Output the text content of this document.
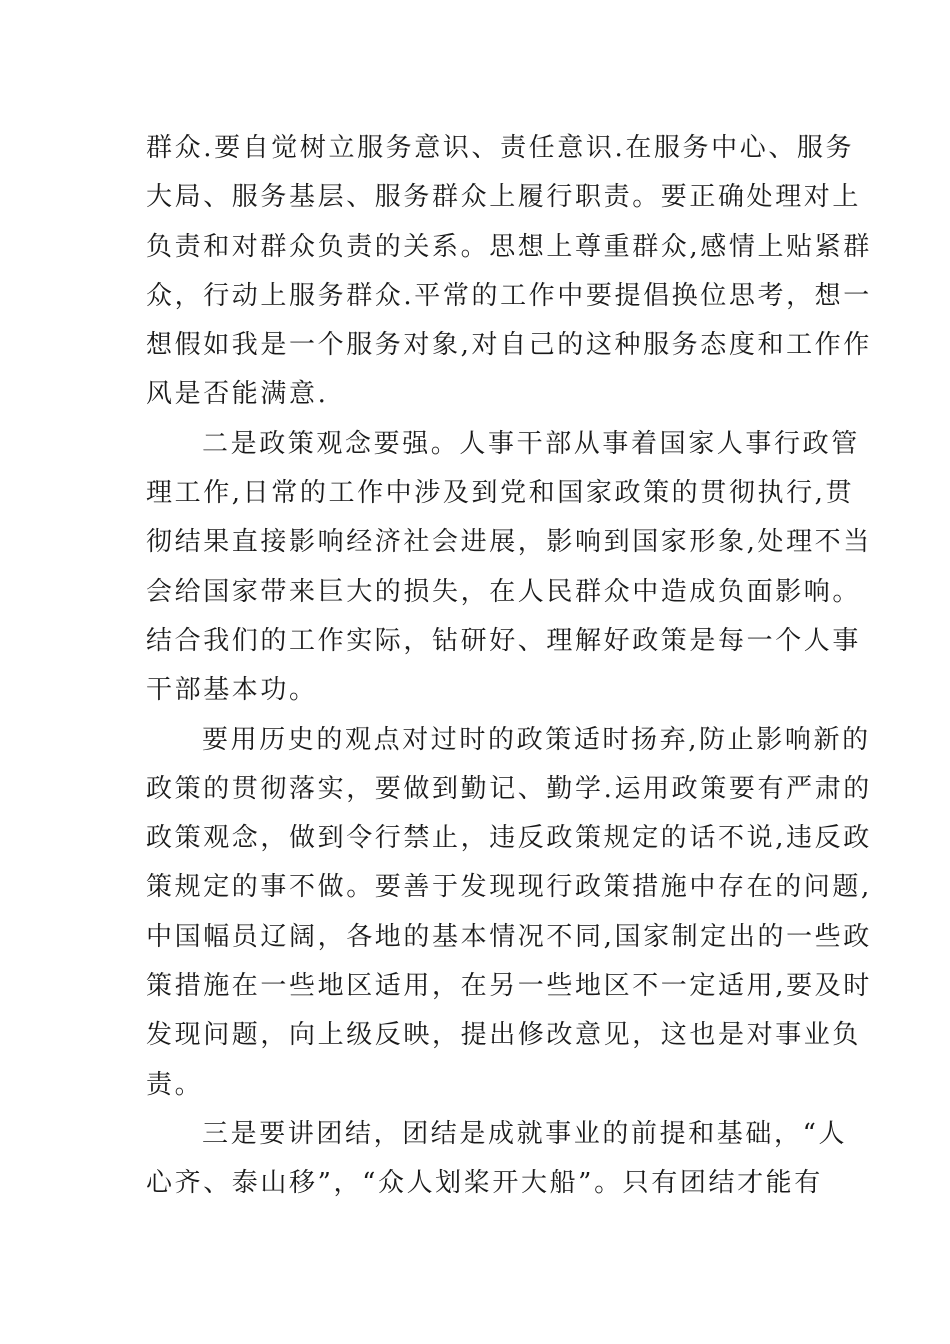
群众.要自觉树立服务意识、责任意识.在服务中心、服务
大局、服务基层、服务群众上履行职责。要正确处理对上
负责和对群众负责的关系。思想上尊重群众,感情上贴紧群
众，行动上服务群众.平常的工作中要提倡换位思考，想一
想假如我是一个服务对象,对自己的这种服务态度和工作作
风是否能满意.
二是政策观念要强。人事干部从事着国家人事行政管
理工作,日常的工作中涉及到党和国家政策的贯彻执行,贯
彻结果直接影响经济社会进展，影响到国家形象,处理不当
会给国家带来巨大的损失，在人民群众中造成负面影响。
结合我们的工作实际，钻研好、理解好政策是每一个人事
干部基本功。
要用历史的观点对过时的政策适时扬弃,防止影响新的
政策的贯彻落实，要做到勤记、勤学.运用政策要有严肃的
政策观念，做到令行禁止，违反政策规定的话不说,违反政
策规定的事不做。要善于发现现行政策措施中存在的问题,
中国幅员辽阔，各地的基本情况不同,国家制定出的一些政
策措施在一些地区适用，在另一些地区不一定适用,要及时
发现问题，向上级反映，提出修改意见，这也是对事业负
责。
三是要讲团结，团结是成就事业的前提和基础，“人
心齐、泰山移”，“众人划桨开大船”。只有团结才能有
